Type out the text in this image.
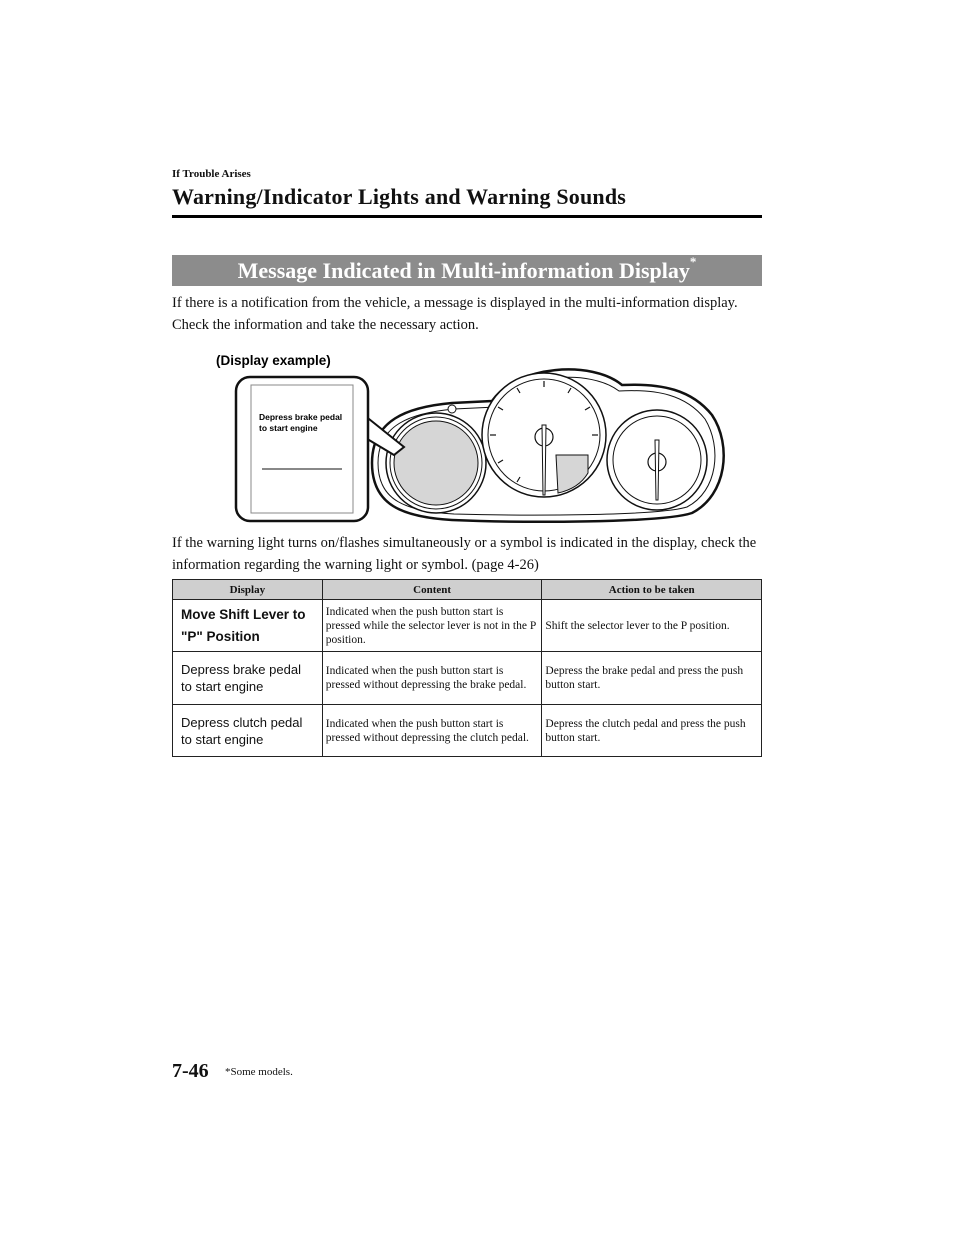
If Trouble Arises
Warning/Indicator Lights and Warning Sounds
Message Indicated in Multi-information Display*
If there is a notification from the vehicle, a message is displayed in the multi-information display. Check the information and take the necessary action.
(Display example)
Depress brake pedal
to start engine
If the warning light turns on/flashes simultaneously or a symbol is indicated in the display, check the information regarding the warning light or symbol. (page 4-26)
Display	Content	Action to be taken

Move Shift Lever to
"P" Position	Indicated when the push button start is pressed while the selector lever is not in the P position.	Shift the selector lever to the P position.

Depress brake pedal
to start engine	Indicated when the push button start is pressed without depressing the brake pedal.	Depress the brake pedal and press the push button start.

Depress clutch pedal
to start engine	Indicated when the push button start is pressed without depressing the clutch pedal.	Depress the clutch pedal and press the push button start.
7-46 *Some models.
